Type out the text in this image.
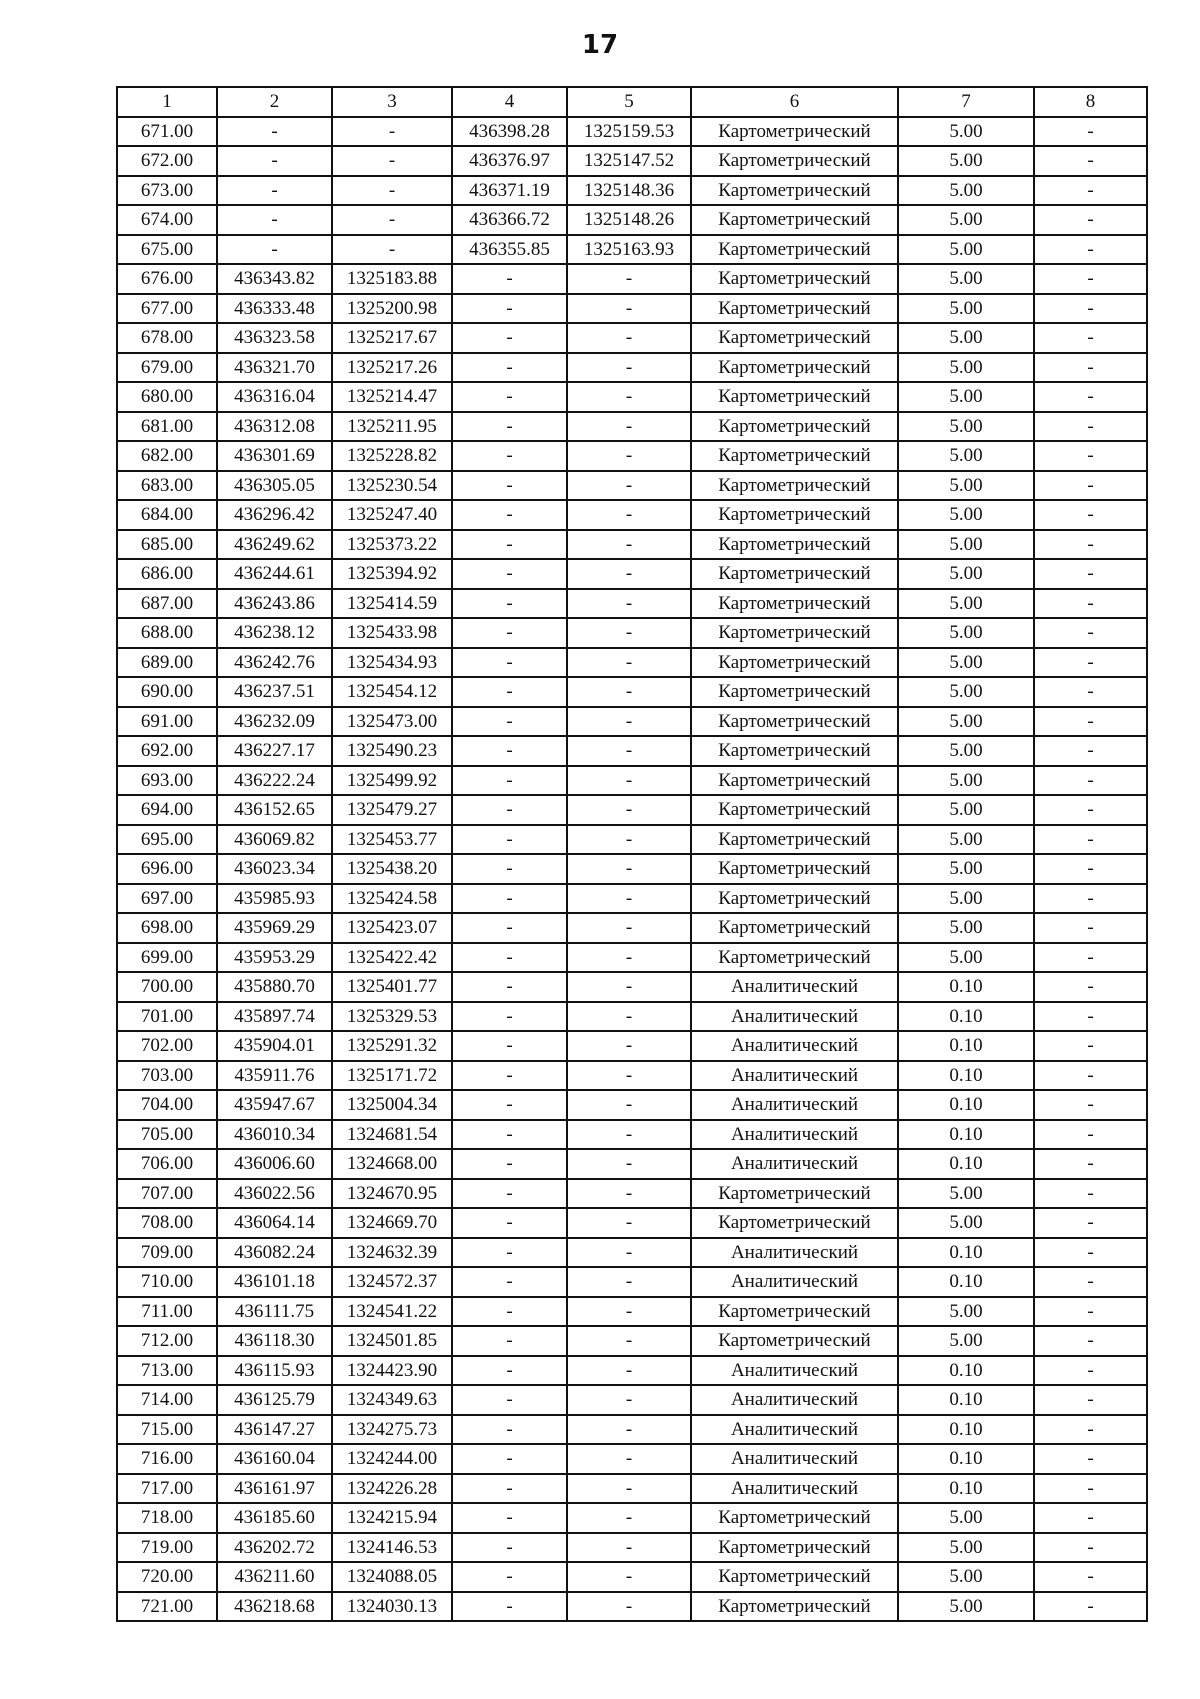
17
1	2	3	4	5	6	7	8
671.00	-	-	436398.28	1325159.53	Картометрический	5.00	-
672.00	-	-	436376.97	1325147.52	Картометрический	5.00	-
673.00	-	-	436371.19	1325148.36	Картометрический	5.00	-
674.00	-	-	436366.72	1325148.26	Картометрический	5.00	-
675.00	-	-	436355.85	1325163.93	Картометрический	5.00	-
676.00	436343.82	1325183.88	-	-	Картометрический	5.00	-
677.00	436333.48	1325200.98	-	-	Картометрический	5.00	-
678.00	436323.58	1325217.67	-	-	Картометрический	5.00	-
679.00	436321.70	1325217.26	-	-	Картометрический	5.00	-
680.00	436316.04	1325214.47	-	-	Картометрический	5.00	-
681.00	436312.08	1325211.95	-	-	Картометрический	5.00	-
682.00	436301.69	1325228.82	-	-	Картометрический	5.00	-
683.00	436305.05	1325230.54	-	-	Картометрический	5.00	-
684.00	436296.42	1325247.40	-	-	Картометрический	5.00	-
685.00	436249.62	1325373.22	-	-	Картометрический	5.00	-
686.00	436244.61	1325394.92	-	-	Картометрический	5.00	-
687.00	436243.86	1325414.59	-	-	Картометрический	5.00	-
688.00	436238.12	1325433.98	-	-	Картометрический	5.00	-
689.00	436242.76	1325434.93	-	-	Картометрический	5.00	-
690.00	436237.51	1325454.12	-	-	Картометрический	5.00	-
691.00	436232.09	1325473.00	-	-	Картометрический	5.00	-
692.00	436227.17	1325490.23	-	-	Картометрический	5.00	-
693.00	436222.24	1325499.92	-	-	Картометрический	5.00	-
694.00	436152.65	1325479.27	-	-	Картометрический	5.00	-
695.00	436069.82	1325453.77	-	-	Картометрический	5.00	-
696.00	436023.34	1325438.20	-	-	Картометрический	5.00	-
697.00	435985.93	1325424.58	-	-	Картометрический	5.00	-
698.00	435969.29	1325423.07	-	-	Картометрический	5.00	-
699.00	435953.29	1325422.42	-	-	Картометрический	5.00	-
700.00	435880.70	1325401.77	-	-	Аналитический	0.10	-
701.00	435897.74	1325329.53	-	-	Аналитический	0.10	-
702.00	435904.01	1325291.32	-	-	Аналитический	0.10	-
703.00	435911.76	1325171.72	-	-	Аналитический	0.10	-
704.00	435947.67	1325004.34	-	-	Аналитический	0.10	-
705.00	436010.34	1324681.54	-	-	Аналитический	0.10	-
706.00	436006.60	1324668.00	-	-	Аналитический	0.10	-
707.00	436022.56	1324670.95	-	-	Картометрический	5.00	-
708.00	436064.14	1324669.70	-	-	Картометрический	5.00	-
709.00	436082.24	1324632.39	-	-	Аналитический	0.10	-
710.00	436101.18	1324572.37	-	-	Аналитический	0.10	-
711.00	436111.75	1324541.22	-	-	Картометрический	5.00	-
712.00	436118.30	1324501.85	-	-	Картометрический	5.00	-
713.00	436115.93	1324423.90	-	-	Аналитический	0.10	-
714.00	436125.79	1324349.63	-	-	Аналитический	0.10	-
715.00	436147.27	1324275.73	-	-	Аналитический	0.10	-
716.00	436160.04	1324244.00	-	-	Аналитический	0.10	-
717.00	436161.97	1324226.28	-	-	Аналитический	0.10	-
718.00	436185.60	1324215.94	-	-	Картометрический	5.00	-
719.00	436202.72	1324146.53	-	-	Картометрический	5.00	-
720.00	436211.60	1324088.05	-	-	Картометрический	5.00	-
721.00	436218.68	1324030.13	-	-	Картометрический	5.00	-
